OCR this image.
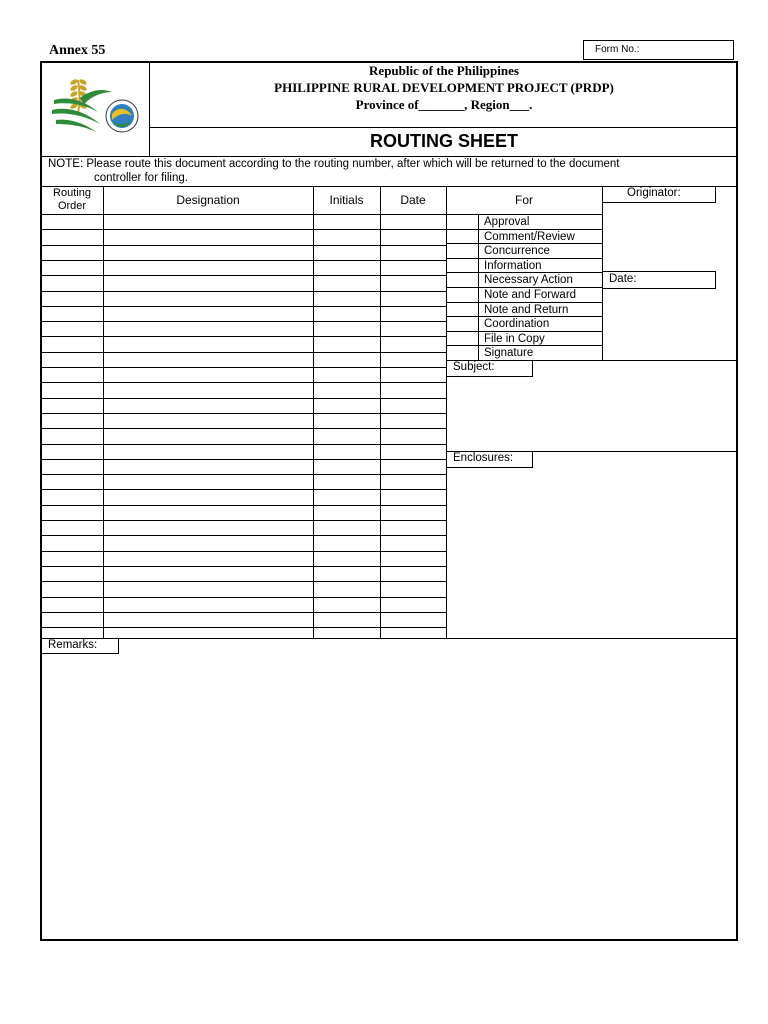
Annex 55	Form No.:
Republic of the Philippines
PHILIPPINE RURAL DEVELOPMENT PROJECT (PRDP)
Province of_______, Region___.
ROUTING SHEET
NOTE: Please route this document according to the routing number, after which will be returned to the document
controller for filing.
Routing
Order	Designation	Initials	Date	For
Approval
Comment/Review
Concurrence
Information
Necessary Action
Note and Forward
Note and Return
Coordination
File in Copy
Signature
Originator:
Date:
Subject:
Enclosures:
Remarks:
